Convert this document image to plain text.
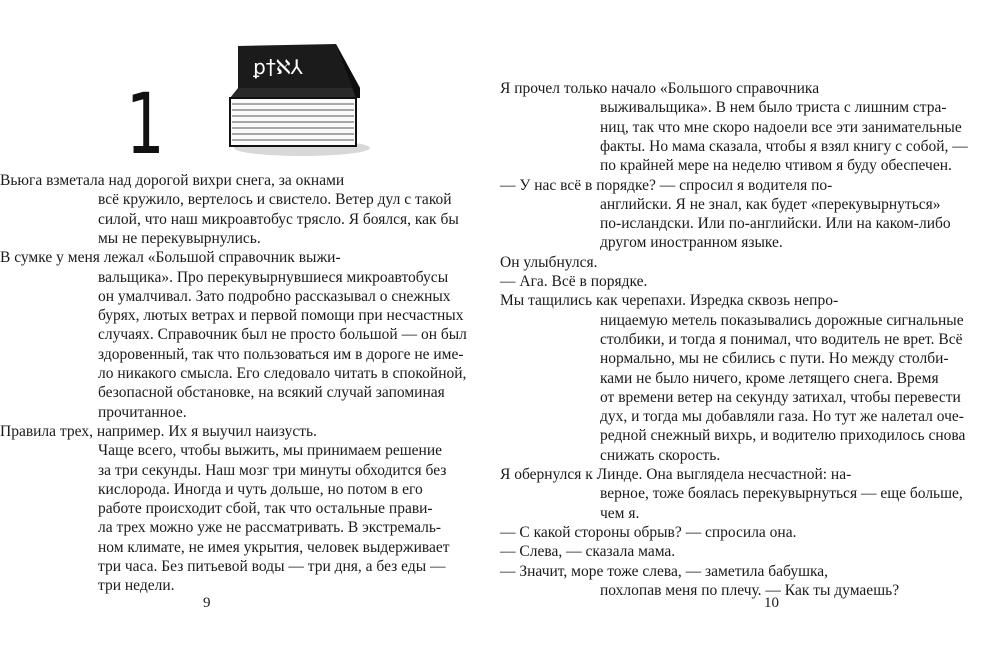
1
ꝑ†ℵ⅄

Вьюга взметала над дорогой вихри снега, за окнами

всё кружило, вертелось и свистело. Ветер дул с такой

силой, что наш микроавтобус трясло. Я боялся, как бы

мы не перекувырнулись.

В сумке у меня лежал «Большой справочник выжи-

вальщика». Про перекувырнувшиеся микроавтобусы

он умалчивал. Зато подробно рассказывал о снежных

бурях, лютых ветрах и первой помощи при несчастных

случаях. Справочник был не просто большой — он был

здоровенный, так что пользоваться им в дороге не име-

ло никакого смысла. Его следовало читать в спокойной,

безопасной обстановке, на всякий случай запоминая

прочитанное.

Правила трех, например. Их я выучил наизусть.

Чаще всего, чтобы выжить, мы принимаем решение

за три секунды. Наш мозг три минуты обходится без

кислорода. Иногда и чуть дольше, но потом в его

работе происходит сбой, так что остальные прави-

ла трех можно уже не рассматривать. В экстремаль-

ном климате, не имея укрытия, человек выдерживает

три часа. Без питьевой воды — три дня, а без еды —

три недели.

9

Я прочел только начало «Большого справочника

выживальщика». В нем было триста с лишним стра-

ниц, так что мне скоро надоели все эти занимательные

факты. Но мама сказала, чтобы я взял книгу с собой, —

по крайней мере на неделю чтивом я буду обеспечен.

— У нас всё в порядке? — спросил я водителя по-

английски. Я не знал, как будет «перекувырнуться»

по-исландски. Или по-английски. Или на каком-либо

другом иностранном языке.

Он улыбнулся.

— Ага. Всё в порядке.

Мы тащились как черепахи. Изредка сквозь непро-

ницаемую метель показывались дорожные сигнальные

столбики, и тогда я понимал, что водитель не врет. Всё

нормально, мы не сбились с пути. Но между столби-

ками не было ничего, кроме летящего снега. Время

от времени ветер на секунду затихал, чтобы перевести

дух, и тогда мы добавляли газа. Но тут же налетал оче-

редной снежный вихрь, и водителю приходилось снова

снижать скорость.

Я обернулся к Линде. Она выглядела несчастной: на-

верное, тоже боялась перекувырнуться — еще больше,

чем я.

— С какой стороны обрыв? — спросила она.

— Слева, — сказала мама.

— Значит, море тоже слева, — заметила бабушка,

похлопав меня по плечу. — Как ты думаешь?

10
